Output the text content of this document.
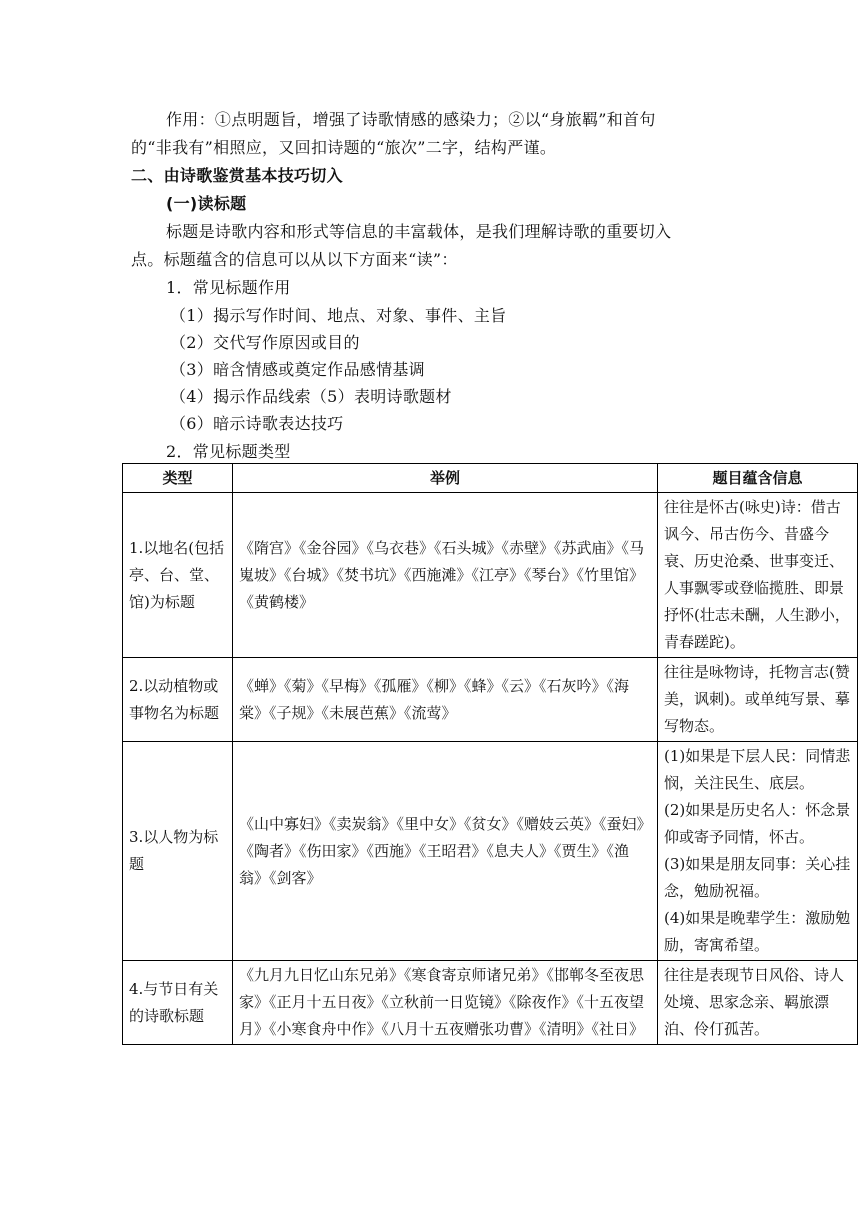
作用：①点明题旨，增强了诗歌情感的感染力；②以“身旅羁”和首句
的“非我有”相照应，又回扣诗题的“旅次”二字，结构严谨。
二、由诗歌鉴赏基本技巧切入
(一)读标题
标题是诗歌内容和形式等信息的丰富载体，是我们理解诗歌的重要切入
点。标题蕴含的信息可以从以下方面来“读”：
1．常见标题作用
（1）揭示写作时间、地点、对象、事件、主旨
（2）交代写作原因或目的
（3）暗含情感或奠定作品感情基调
（4）揭示作品线索（5）表明诗歌题材
（6）暗示诗歌表达技巧
2．常见标题类型
类型	举例	题目蕴含信息
1.以地名(包括亭、台、堂、馆)为标题	《隋宫》《金谷园》《乌衣巷》《石头城》《赤壁》《苏武庙》《马嵬坡》《台城》《焚书坑》《西施滩》《江亭》《琴台》《竹里馆》《黄鹤楼》	往往是怀古(咏史)诗：借古讽今、吊古伤今、昔盛今衰、历史沧桑、世事变迁、人事飘零或登临揽胜、即景抒怀(壮志未酬，人生渺小，青春蹉跎)。

2.以动植物或事物名为标题	《蝉》《菊》《早梅》《孤雁》《柳》《蜂》《云》《石灰吟》《海棠》《子规》《未展芭蕉》《流莺》	往往是咏物诗，托物言志(赞美，讽刺)。或单纯写景、摹写物态。

3.以人物为标题	《山中寡妇》《卖炭翁》《里中女》《贫女》《赠妓云英》《蚕妇》《陶者》《伤田家》《西施》《王昭君》《息夫人》《贾生》《渔翁》《剑客》	(1)如果是下层人民：同情悲悯，关注民生、底层。

(2)如果是历史名人：怀念景仰或寄予同情，怀古。

(3)如果是朋友同事：关心挂念，勉励祝福。

(4)如果是晚辈学生：激励勉励，寄寓希望。

4.与节日有关的诗歌标题	《九月九日忆山东兄弟》《寒食寄京师诸兄弟》《邯郸冬至夜思家》《正月十五日夜》《立秋前一日览镜》《除夜作》《十五夜望月》《小寒食舟中作》《八月十五夜赠张功曹》《清明》《社日》	往往是表现节日风俗、诗人处境、思家念亲、羁旅漂泊、伶仃孤苦。
